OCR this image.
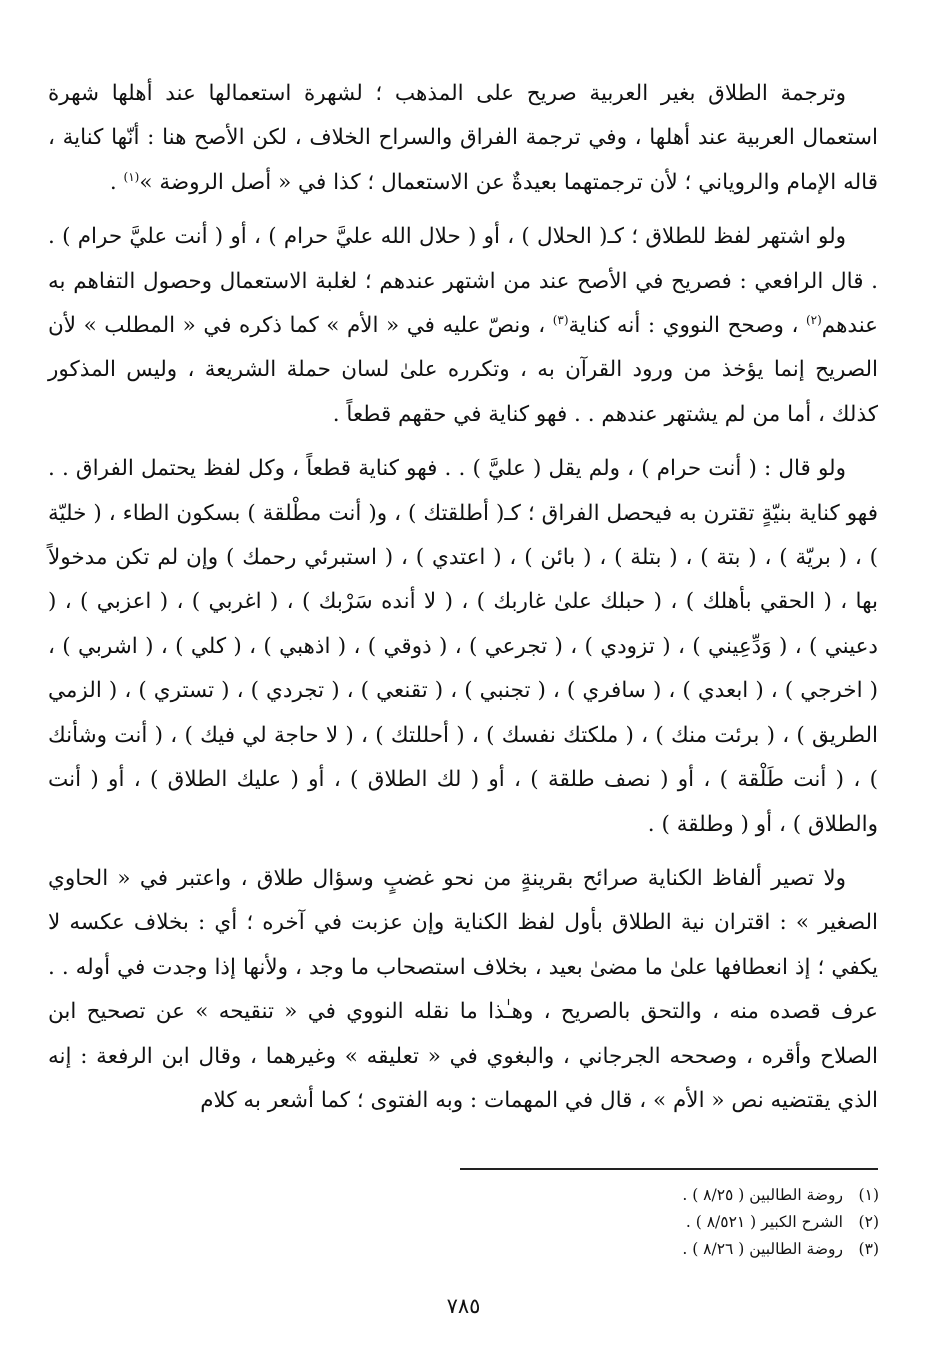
وترجمة الطلاق بغير العربية صريح على المذهب ؛ لشهرة استعمالها عند أهلها شهرة استعمال العربية عند أهلها ، وفي ترجمة الفراق والسراح الخلاف ، لكن الأصح هنا : أنّها كناية ، قاله الإمام والروياني ؛ لأن ترجمتهما بعيدةٌ عن الاستعمال ؛ كذا في « أصل الروضة »$^{(١)}$ .

ولو اشتهر لفظ للطلاق ؛ كـ( الحلال ) ، أو ( حلال الله عليَّ حرام ) ، أو ( أنت عليَّ حرام ) . . قال الرافعي : فصريح في الأصح عند من اشتهر عندهم ؛ لغلبة الاستعمال وحصول التفاهم به عندهم$^{(٢)}$ ، وصحح النووي : أنه كناية$^{(٣)}$ ، ونصّ عليه في « الأم » كما ذكره في « المطلب » لأن الصريح إنما يؤخذ من ورود القرآن به ، وتكرره علىٰ لسان حملة الشريعة ، وليس المذكور كذلك ، أما من لم يشتهر عندهم . . فهو كناية في حقهم قطعاً .

ولو قال : ( أنت حرام ) ، ولم يقل ( عليَّ ) . . فهو كناية قطعاً ، وكل لفظ يحتمل الفراق . . فهو كناية بنيّةٍ تقترن به فيحصل الفراق ؛ كـ( أطلقتك ) ، و( أنت مطْلقة ) بسكون الطاء ، ( خليّة ) ، ( بريّة ) ، ( بتة ) ، ( بتلة ) ، ( بائن ) ، ( اعتدي ) ، ( استبرئي رحمك ) وإن لم تكن مدخولاً بها ، ( الحقي بأهلك ) ، ( حبلك علىٰ غاربك ) ، ( لا أنده سَرْبك ) ، ( اغربي ) ، ( اعزبي ) ، ( دعيني ) ، ( وَدِّعِيني ) ، ( تزودي ) ، ( تجرعي ) ، ( ذوقي ) ، ( اذهبي ) ، ( كلي ) ، ( اشربي ) ، ( اخرجي ) ، ( ابعدي ) ، ( سافري ) ، ( تجنبي ) ، ( تقنعي ) ، ( تجردي ) ، ( تستري ) ، ( الزمي الطريق ) ، ( برئت منك ) ، ( ملكتك نفسك ) ، ( أحللتك ) ، ( لا حاجة لي فيك ) ، ( أنت وشأنك ) ، ( أنت طَلْقة ) ، أو ( نصف طلقة ) ، أو ( لك الطلاق ) ، أو ( عليك الطلاق ) ، أو ( أنت والطلاق ) ، أو ( وطلقة ) .

ولا تصير ألفاظ الكناية صرائح بقرينةٍ من نحو غضبٍ وسؤال طلاق ، واعتبر في « الحاوي الصغير » : اقتران نية الطلاق بأول لفظ الكناية وإن عزبت في آخره ؛ أي : بخلاف عكسه لا يكفي ؛ إذ انعطافها علىٰ ما مضىٰ بعيد ، بخلاف استصحاب ما وجد ، ولأنها إذا وجدت في أوله . . عرف قصده منه ، والتحق بالصريح ، وهـٰذا ما نقله النووي في « تنقيحه » عن تصحيح ابن الصلاح وأقره ، وصححه الجرجاني ، والبغوي في « تعليقه » وغيرهما ، وقال ابن الرفعة : إنه الذي يقتضيه نص « الأم » ، قال في المهمات : وبه الفتوى ؛ كما أشعر به كلام

(١)روضة الطالبين ( ٨/٢٥ ) .
(٢)الشرح الكبير ( ٨/٥٢١ ) .
(٣)روضة الطالبين ( ٨/٢٦ ) .
٧٨٥
